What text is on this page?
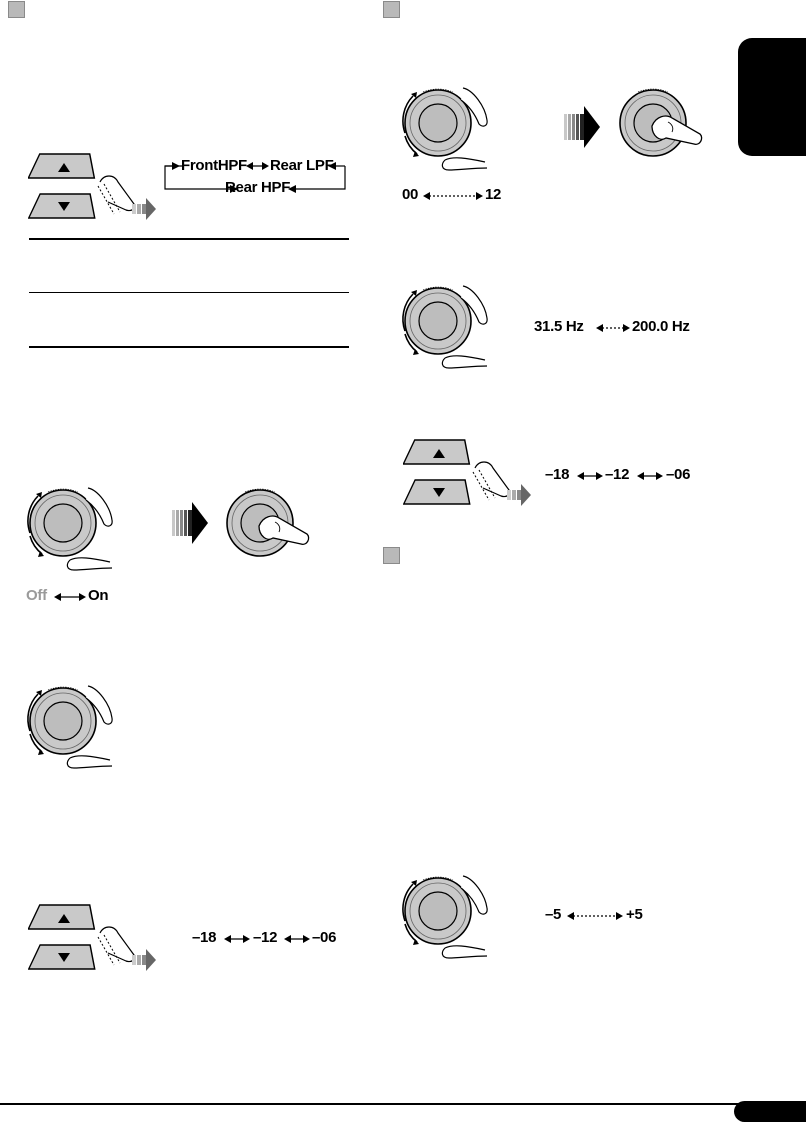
FrontHPF Rear LPF
Rear HPF
Off	On
–18 –12 –06
00	12
31.5 Hz	200.0 Hz
–18 –12 –06
–5	+5
